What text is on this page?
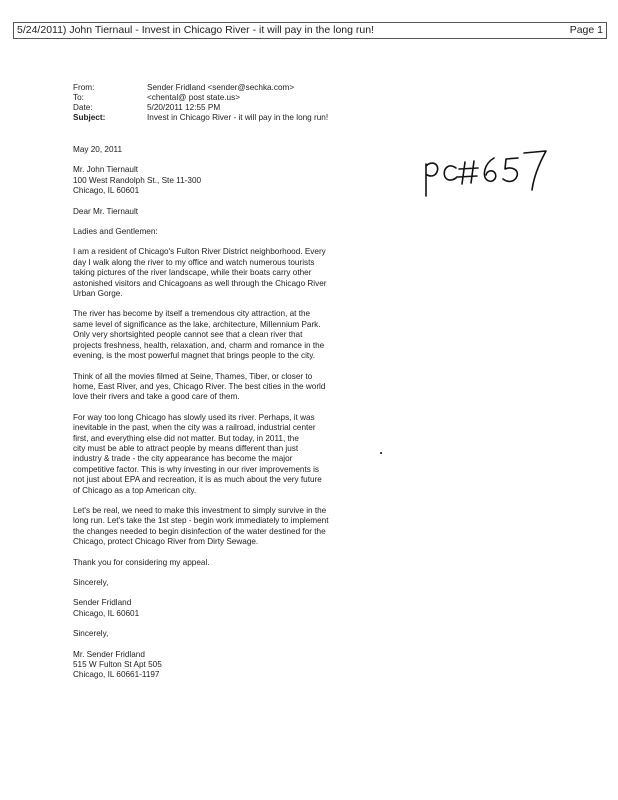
5/24/2011) John Tiernaul - Invest in Chicago River - it will pay in the long run!	Page 1
From:	Sender Fridland <sender@sechka.com>
To:	<chental@ post state.us>
Date:	5/20/2011 12:55 PM
Subject:	Invest in Chicago River - it will pay in the long run!
May 20, 2011
Mr. John Tiernault
100 West Randolph St., Ste 11-300
Chicago, IL 60601
Dear Mr. Tiernault
Ladies and Gentlemen:
I am a resident of Chicago's Fulton River District neighborhood. Every
day I walk along the river to my office and watch numerous tourists
taking pictures of the river landscape, while their boats carry other
astonished visitors and Chicagoans as well through the Chicago River
Urban Gorge.
The river has become by itself a tremendous city attraction, at the
same level of significance as the lake, architecture, Millennium Park.
Only very shortsighted people cannot see that a clean river that
projects freshness, health, relaxation, and, charm and romance in the
evening, is the most powerful magnet that brings people to the city.
Think of all the movies filmed at Seine, Thames, Tiber, or closer to
home, East River, and yes, Chicago River. The best cities in the world
love their rivers and take a good care of them.
For way too long Chicago has slowly used its river. Perhaps, it was
inevitable in the past, when the city was a railroad, industrial center
first, and everything else did not matter. But today, in 2011, the
city must be able to attract people by means different than just
industry & trade - the city appearance has become the major
competitive factor. This is why investing in our river improvements is
not just about EPA and recreation, it is as much about the very future
of Chicago as a top American city.
Let's be real, we need to make this investment to simply survive in the
long run. Let's take the 1st step - begin work immediately to implement
the changes needed to begin disinfection of the water destined for the
Chicago, protect Chicago River from Dirty Sewage.
Thank you for considering my appeal.
Sincerely,
Sender Fridland
Chicago, IL 60601
Sincerely,
Mr. Sender Fridland
515 W Fulton St Apt 505
Chicago, IL 60661-1197
